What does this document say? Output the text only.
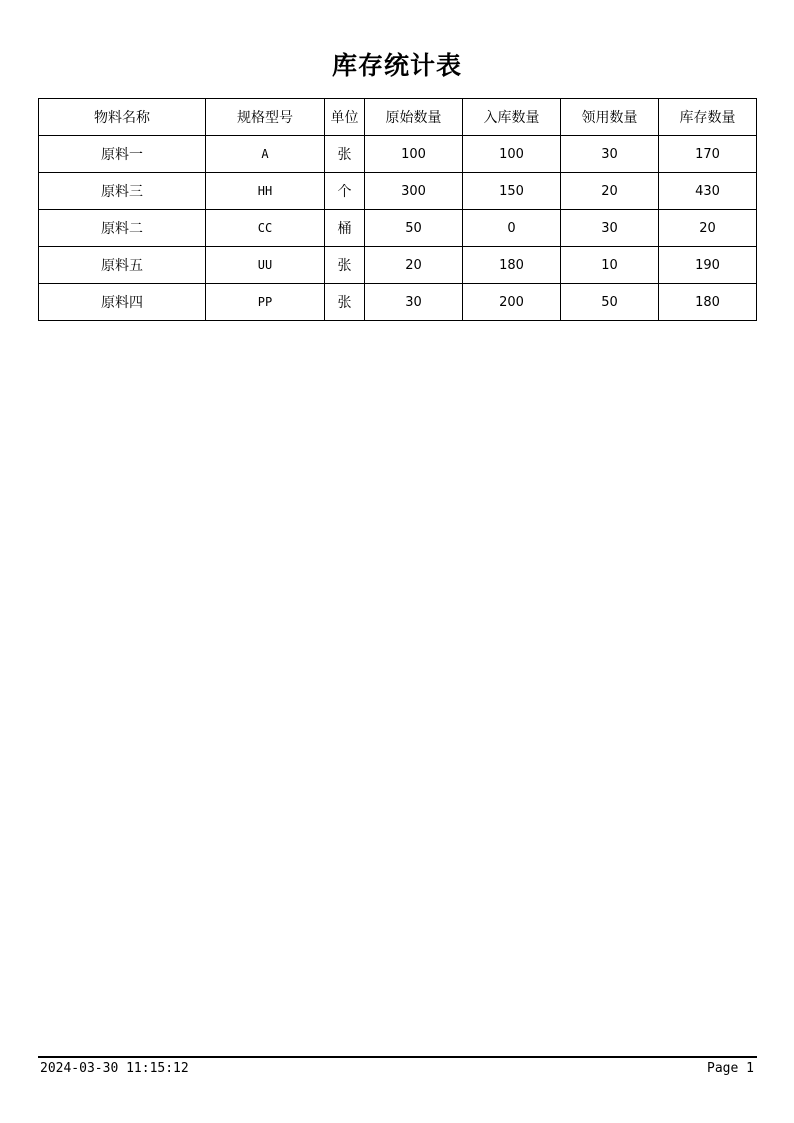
库存统计表
物料名称	规格型号	单位	原始数量	入库数量	领用数量	库存数量
原料一	A	张	100	100	30	170
原料三	HH	个	300	150	20	430
原料二	CC	桶	50	0	30	20
原料五	UU	张	20	180	10	190
原料四	PP	张	30	200	50	180
2024-03-30 11:15:12	Page 1
